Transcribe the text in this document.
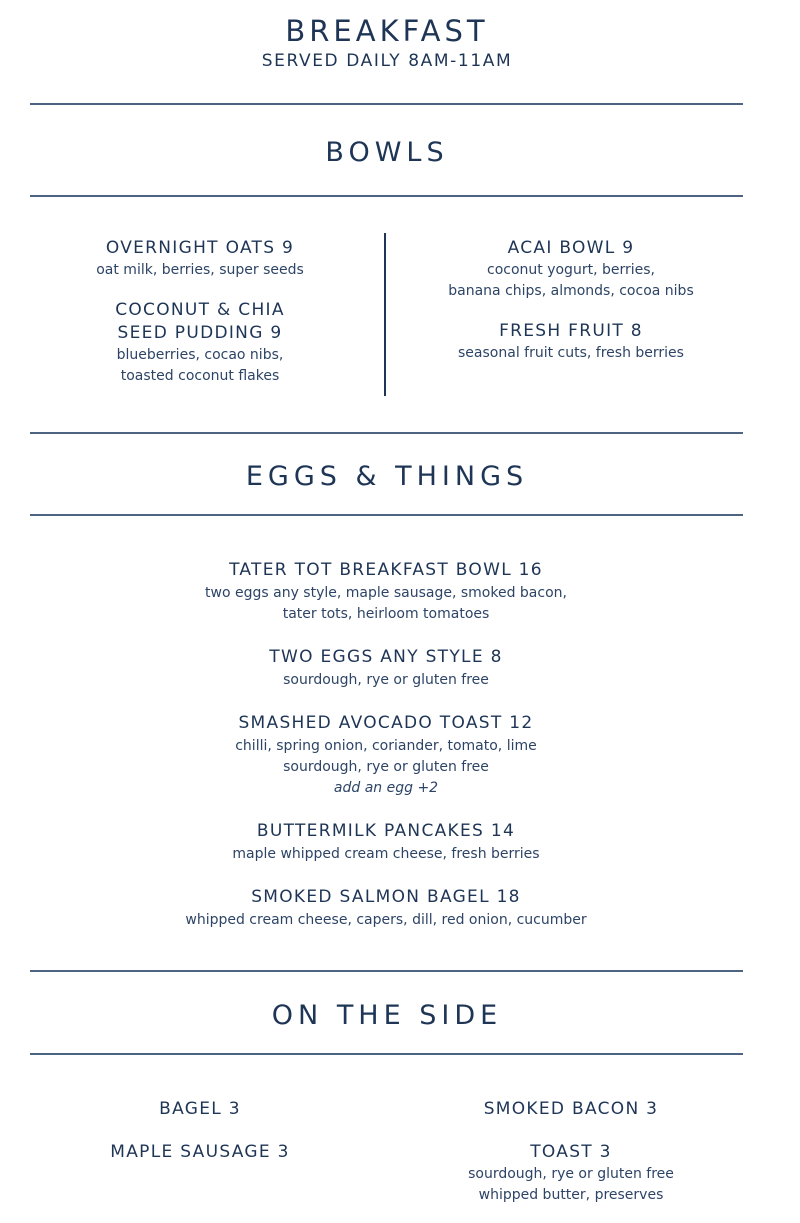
BREAKFAST
SERVED DAILY 8AM-11AM
BOWLS
OVERNIGHT OATS 9
oat milk, berries, super seeds
COCONUT & CHIA
SEED PUDDING 9
blueberries, cocao nibs,
toasted coconut flakes
ACAI BOWL 9
coconut yogurt, berries,
banana chips, almonds, cocoa nibs
FRESH FRUIT 8
seasonal fruit cuts, fresh berries
EGGS & THINGS
TATER TOT BREAKFAST BOWL 16
two eggs any style, maple sausage, smoked bacon,
tater tots, heirloom tomatoes
TWO EGGS ANY STYLE 8
sourdough, rye or gluten free
SMASHED AVOCADO TOAST 12
chilli, spring onion, coriander, tomato, lime
sourdough, rye or gluten free
add an egg +2
BUTTERMILK PANCAKES 14
maple whipped cream cheese, fresh berries
SMOKED SALMON BAGEL 18
whipped cream cheese, capers, dill, red onion, cucumber
ON THE SIDE
BAGEL 3
MAPLE SAUSAGE 3
SMOKED BACON 3
TOAST 3
sourdough, rye or gluten free
whipped butter, preserves
